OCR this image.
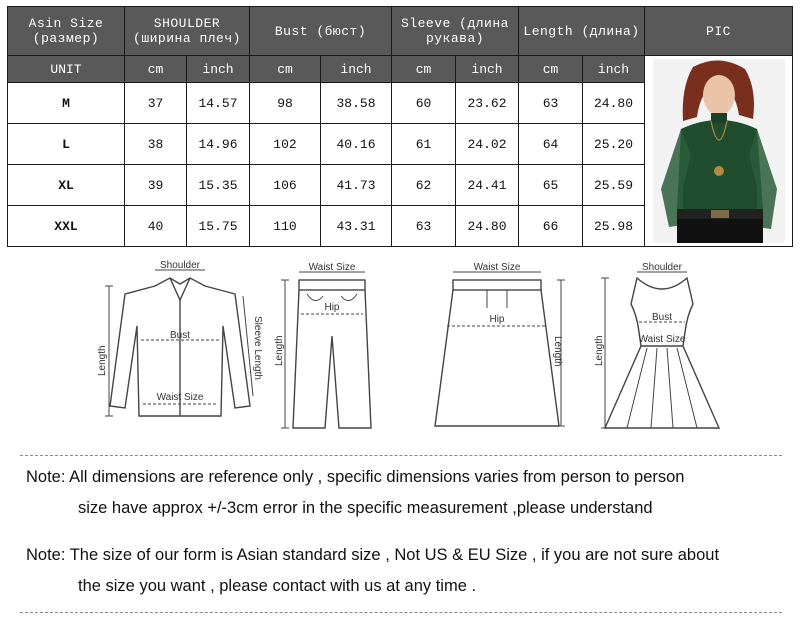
Asin Size (размер)	SHOULDER (ширина плеч)		Bust (бюст)		Sleeve (длина рукава)		Length (длина)		PIC
UNIT	cm	inch	cm	inch	cm	inch	cm	inch	

M	37	14.57	98	38.58	60	23.62	63	24.80	
L	38	14.96	102	40.16	61	24.02	64	25.20	
XL	39	15.35	106	41.73	62	24.41	65	25.59	
XXL	40	15.75	110	43.31	63	24.80	66	25.98	
Shoulder
Bust
Waist Size
Length	Sleeve Length
Waist Size
Hip
Length
Waist Size
Hip
Length
Shoulder
Bust
Waist Size
Length
Note: All dimensions are reference only , specific dimensions varies from person to person
size have approx +/-3cm error in the specific measurement ,please understand
Note: The size of our form is Asian standard size , Not US & EU Size , if you are not sure about
the size you want , please contact with us at any time .
